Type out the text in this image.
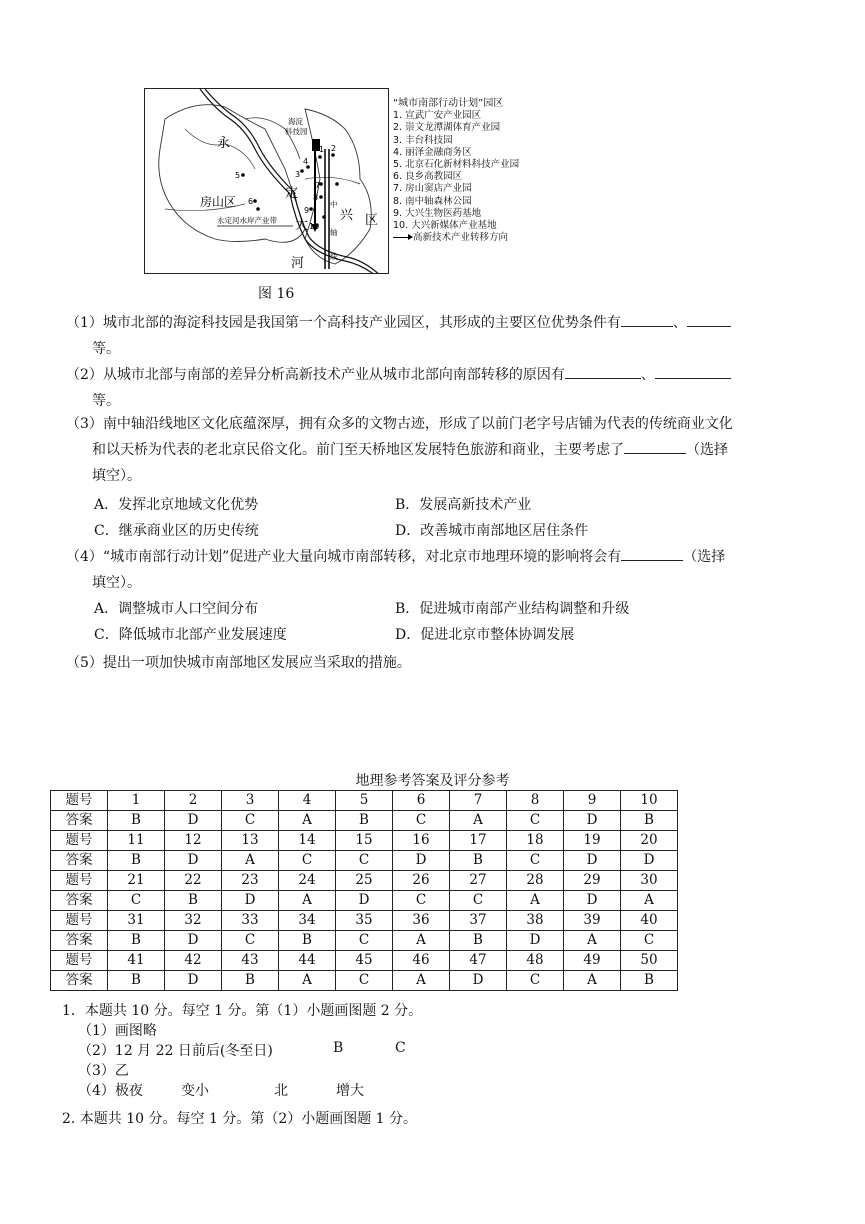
永
海淀
科技园
定
大
河
兴 区
房山区
永定河水岸产业带
中
轴
线
5
6
3
4
1 2
8
9
10
7
“城市南部行动计划”园区
1. 宣武广安产业园区
2. 崇文龙潭湖体育产业园
3. 丰台科技园
4. 丽泽金融商务区
5. 北京石化新材料科技产业园
6. 良乡高教园区
7. 房山窦店产业园
8. 南中轴森林公园
9. 大兴生物医药基地
10. 大兴新媒体产业基地
高新技术产业转移方向
图 16
（1）城市北部的海淀科技园是我国第一个高科技产业园区，其形成的主要区位优势条件有	、
等。
（2）从城市北部与南部的差异分析高新技术产业从城市北部向南部转移的原因有	、
等。
（3）南中轴沿线地区文化底蕴深厚，拥有众多的文物古迹，形成了以前门老字号店铺为代表的传统商业文化
和以天桥为代表的老北京民俗文化。前门至天桥地区发展特色旅游和商业，主要考虑了	（选择
填空）。
A．发挥北京地域文化优势	B．发展高新技术产业
C．继承商业区的历史传统	D．改善城市南部地区居住条件
（4）“城市南部行动计划”促进产业大量向城市南部转移，对北京市地理环境的影响将会有	（选择
填空）。
A．调整城市人口空间分布	B．促进城市南部产业结构调整和升级
C．降低城市北部产业发展速度	D．促进北京市整体协调发展
（5）提出一项加快城市南部地区发展应当采取的措施。
地理参考答案及评分参考
题号	1	2	3	4	5	6	7	8	9	10
答案	B	D	C	A	B	C	A	C	D	B
题号	11	12	13	14	15	16	17	18	19	20
答案	B	D	A	C	C	D	B	C	D	D
题号	21	22	23	24	25	26	27	28	29	30
答案	C	B	D	A	D	C	C	A	D	A
题号	31	32	33	34	35	36	37	38	39	40
答案	B	D	C	B	C	A	B	D	A	C
题号	41	42	43	44	45	46	47	48	49	50
答案	B	D	B	A	C	A	D	C	A	B
1．本题共 10 分。每空 1 分。第（1）小题画图题 2 分。
（1）画图略
（2）12 月 22 日前后(冬至日)	B	C
（3）乙
（4）极夜	变小	北	增大
2. 本题共 10 分。每空 1 分。第（2）小题画图题 1 分。
